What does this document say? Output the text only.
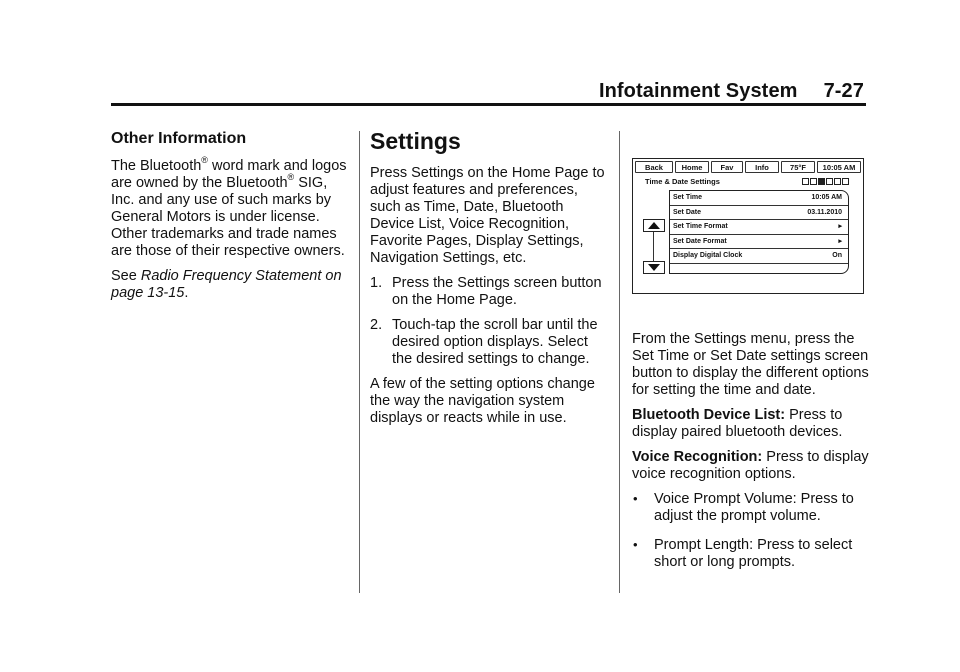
Infotainment System 7-27
Other Information

The Bluetooth® word mark and logos are owned by the Bluetooth® SIG, Inc. and any use of such marks by General Motors is under license. Other trademarks and trade names are those of their respective owners.

See Radio Frequency Statement on page 13-15.

Settings

Press Settings on the Home Page to adjust features and preferences, such as Time, Date, Bluetooth Device List, Voice Recognition, Favorite Pages, Display Settings, Navigation Settings, etc.

1. Press the Settings screen button on the Home Page.
2. Touch-tap the scroll bar until the desired option displays. Select the desired settings to change.

A few of the setting options change the way the navigation system displays or reacts while in use.

Back	Home	Fav	Info	75°F	10:05 AM
Time & Date Settings
Set Time	10:05 AM
Set Date	03.11.2010
Set Time Format	▸
Set Date Format	▸
Display Digital Clock	On

From the Settings menu, press the Set Time or Set Date settings screen button to display the different options for setting the time and date.

Bluetooth Device List: Press to display paired bluetooth devices.

Voice Recognition: Press to display voice recognition options.

• Voice Prompt Volume: Press to adjust the prompt volume.
• Prompt Length: Press to select short or long prompts.
